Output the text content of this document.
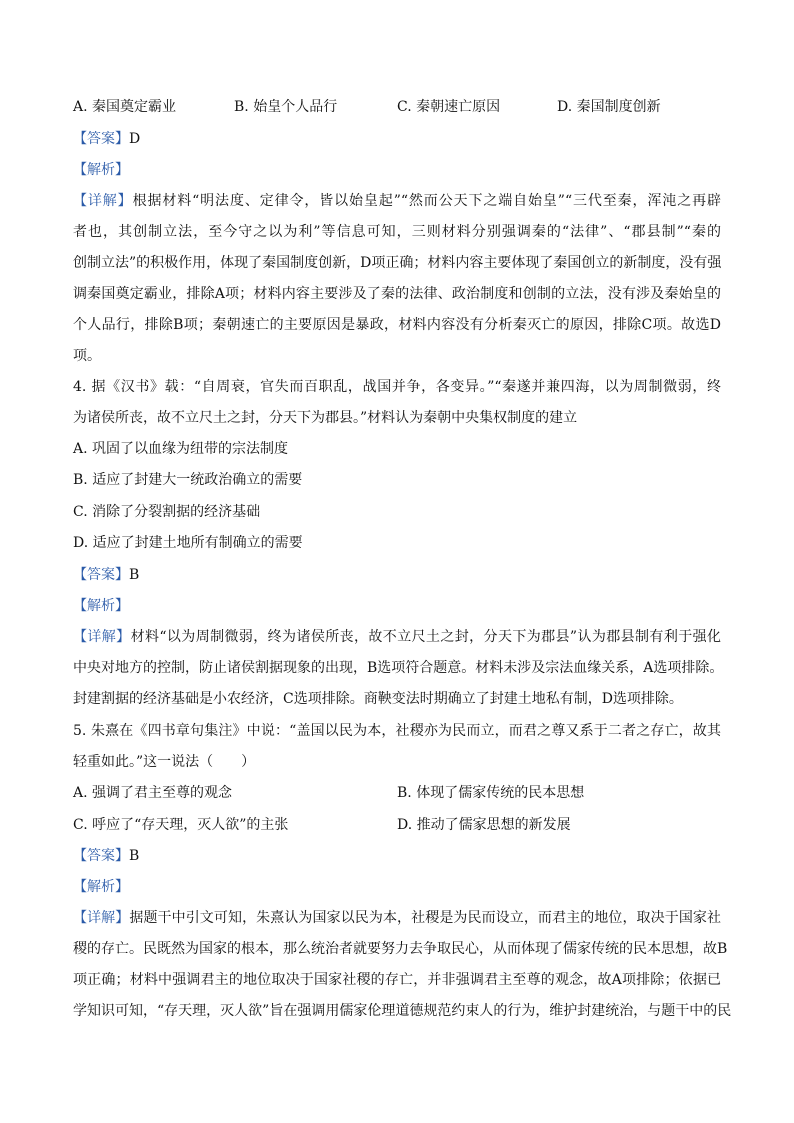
A. 秦国奠定霸业	B. 始皇个人品行	C. 秦朝速亡原因	D. 秦国制度创新
【答案】D
【解析】
【详解】根据材料“明法度、定律令，皆以始皇起”“然而公天下之端自始皇”“三代至秦，浑沌之再辟
者也，其创制立法，至今守之以为利”等信息可知，三则材料分别强调秦的“法律”、“郡县制”“秦的
创制立法”的积极作用，体现了秦国制度创新，D项正确；材料内容主要体现了秦国创立的新制度，没有强
调秦国奠定霸业，排除A项；材料内容主要涉及了秦的法律、政治制度和创制的立法，没有涉及秦始皇的
个人品行，排除B项；秦朝速亡的主要原因是暴政，材料内容没有分析秦灭亡的原因，排除C项。故选D
项。
4. 据《汉书》载：“自周衰，官失而百职乱，战国并争，各变异。”“秦遂并兼四海，以为周制微弱，终
为诸侯所丧，故不立尺土之封，分天下为郡县。”材料认为秦朝中央集权制度的建立
A. 巩固了以血缘为纽带的宗法制度
B. 适应了封建大一统政治确立的需要
C. 消除了分裂割据的经济基础
D. 适应了封建土地所有制确立的需要
【答案】B
【解析】
【详解】材料“以为周制微弱，终为诸侯所丧，故不立尺土之封，分天下为郡县”认为郡县制有利于强化
中央对地方的控制，防止诸侯割据现象的出现，B选项符合题意。材料未涉及宗法血缘关系，A选项排除。
封建割据的经济基础是小农经济，C选项排除。商鞅变法时期确立了封建土地私有制，D选项排除。
5. 朱熹在《四书章句集注》中说：“盖国以民为本，社稷亦为民而立，而君之尊又系于二者之存亡，故其
轻重如此。”这一说法（　　）
A. 强调了君主至尊的观念	B. 体现了儒家传统的民本思想
C. 呼应了“存天理，灭人欲”的主张	D. 推动了儒家思想的新发展
【答案】B
【解析】
【详解】据题干中引文可知，朱熹认为国家以民为本，社稷是为民而设立，而君主的地位，取决于国家社
稷的存亡。民既然为国家的根本，那么统治者就要努力去争取民心，从而体现了儒家传统的民本思想，故B
项正确；材料中强调君主的地位取决于国家社稷的存亡，并非强调君主至尊的观念，故A项排除；依据已
学知识可知，“存天理，灭人欲”旨在强调用儒家伦理道德规范约束人的行为，维护封建统治，与题干中的民
